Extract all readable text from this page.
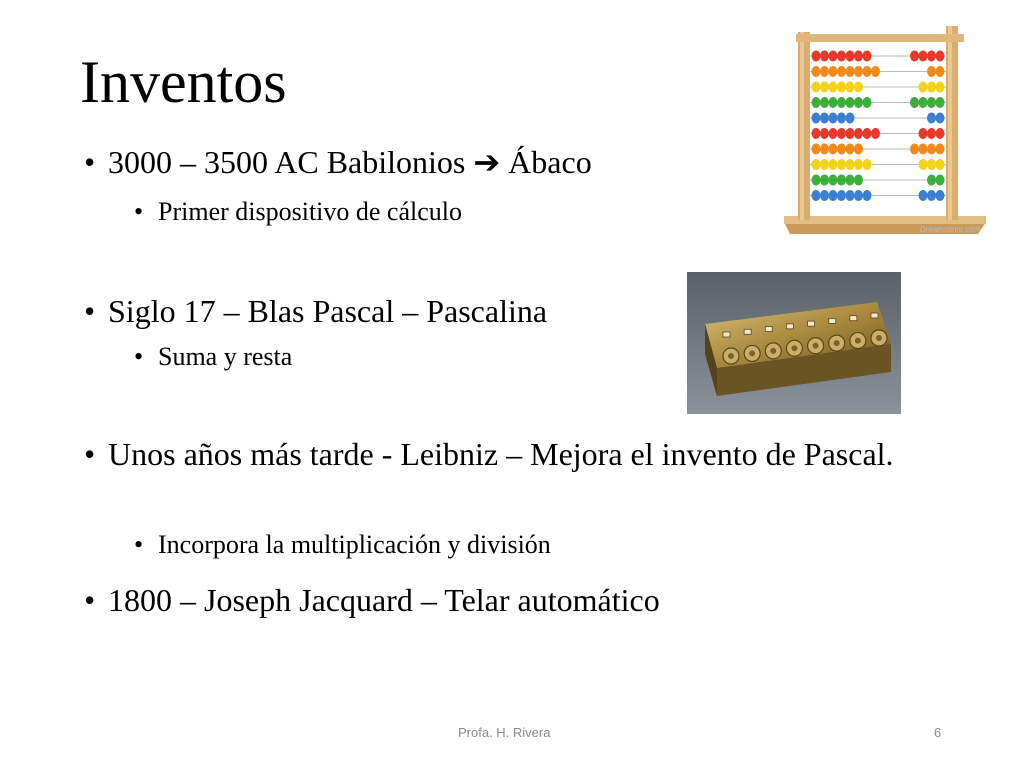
Inventos
• 3000 – 3500 AC Babilonios ➔ Ábaco
• Primer dispositivo de cálculo
• Siglo 17 – Blas Pascal – Pascalina
• Suma y resta
• Unos años más tarde - Leibniz – Mejora el invento de Pascal.
• Incorpora la multiplicación y división
• 1800 – Joseph Jacquard – Telar automático
Dreamstime.com
Profa. H. Rivera	6
